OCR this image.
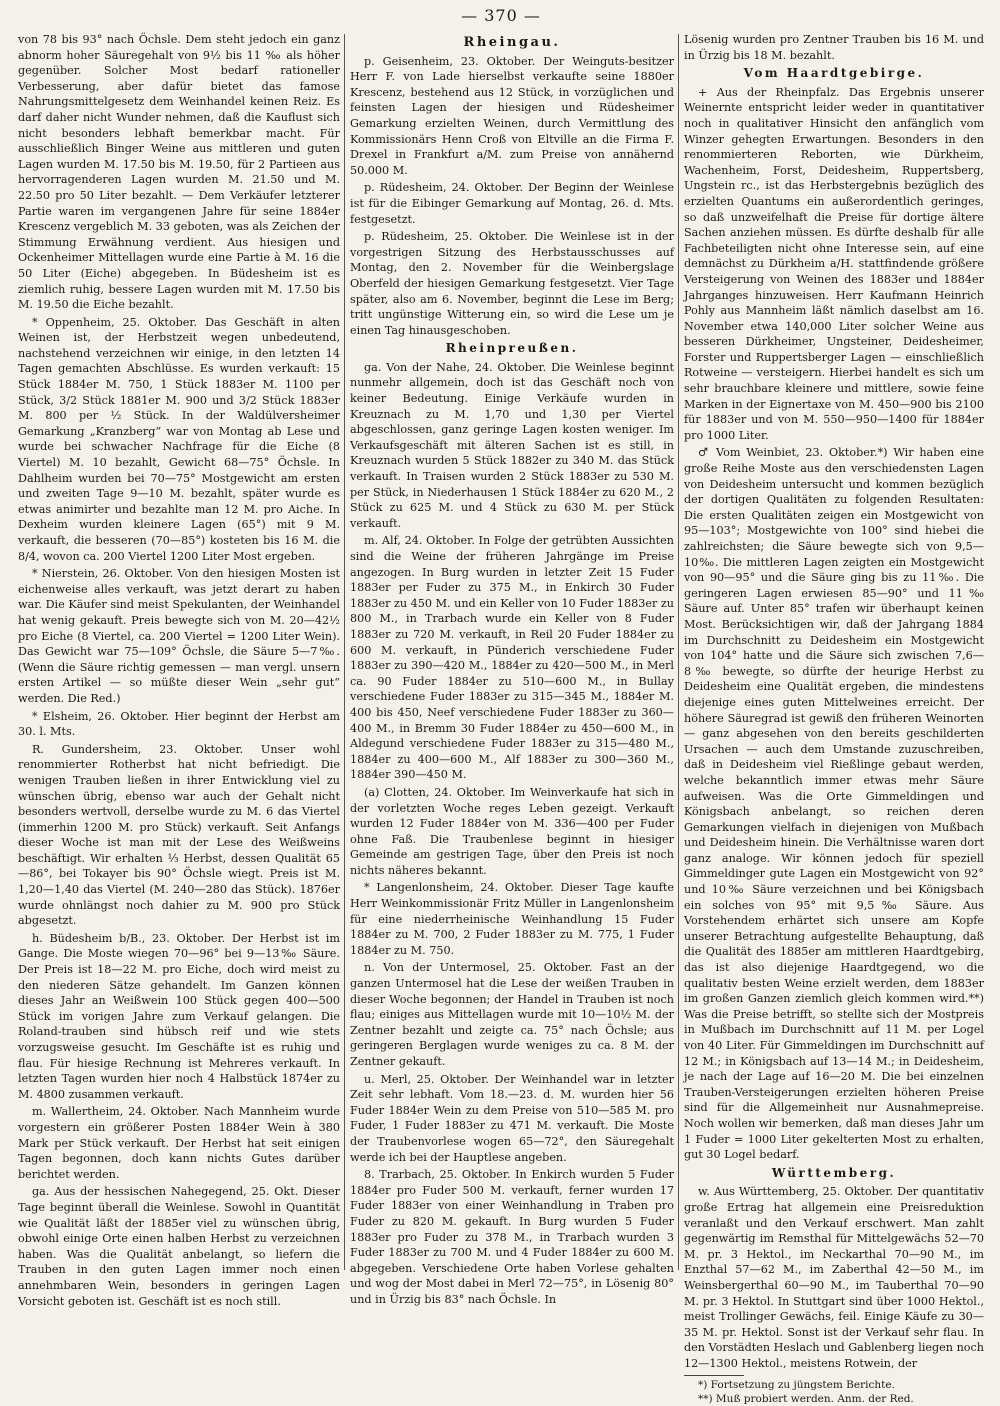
— 370 —

von 78 bis 93° nach Öchsle. Dem steht jedoch ein ganz abnorm hoher Säuregehalt von 9½ bis 11 ‰ als höher gegenüber. Solcher Most bedarf rationeller Verbesserung, aber dafür bietet das famose Nahrungsmittelgesetz dem Weinhandel keinen Reiz. Es darf daher nicht Wunder nehmen, daß die Kauflust sich nicht besonders lebhaft bemerkbar macht. Für ausschließlich Binger Weine aus mittleren und guten Lagen wurden M. 17.50 bis M. 19.50, für 2 Partieen aus hervorragenderen Lagen wurden M. 21.50 und M. 22.50 pro 50 Liter bezahlt. — Dem Verkäufer letzterer Partie waren im vergangenen Jahre für seine 1884er Krescenz vergeblich M. 33 geboten, was als Zeichen der Stimmung Erwähnung verdient. Aus hiesigen und Ockenheimer Mittellagen wurde eine Partie à M. 16 die 50 Liter (Eiche) abgegeben. In Büdesheim ist es ziemlich ruhig, bessere Lagen wurden mit M. 17.50 bis M. 19.50 die Eiche bezahlt.

* Oppenheim, 25. Oktober. Das Geschäft in alten Weinen ist, der Herbstzeit wegen unbedeutend, nachstehend verzeichnen wir einige, in den letzten 14 Tagen gemachten Abschlüsse. Es wurden verkauft: 15 Stück 1884er M. 750, 1 Stück 1883er M. 1100 per Stück, 3/2 Stück 1881er M. 900 und 3/2 Stück 1883er M. 800 per ½ Stück. In der Waldülversheimer Gemarkung „Kranzberg“ war von Montag ab Lese und wurde bei schwacher Nachfrage für die Eiche (8 Viertel) M. 10 bezahlt, Gewicht 68—75° Öchsle. In Dahlheim wurden bei 70—75° Mostgewicht am ersten und zweiten Tage 9—10 M. bezahlt, später wurde es etwas animirter und bezahlte man 12 M. pro Aiche. In Dexheim wurden kleinere Lagen (65°) mit 9 M. verkauft, die besseren (70—85°) kosteten bis 16 M. die 8/4, wovon ca. 200 Viertel 1200 Liter Most ergeben.

* Nierstein, 26. Oktober. Von den hiesigen Mosten ist eichenweise alles verkauft, was jetzt derart zu haben war. Die Käufer sind meist Spekulanten, der Weinhandel hat wenig gekauft. Preis bewegte sich von M. 20—42½ pro Eiche (8 Viertel, ca. 200 Viertel = 1200 Liter Wein). Das Gewicht war 75—109° Öchsle, die Säure 5—7‰. (Wenn die Säure richtig gemessen — man vergl. unsern ersten Artikel — so müßte dieser Wein „sehr gut“ werden. Die Red.)

* Elsheim, 26. Oktober. Hier beginnt der Herbst am 30. l. Mts.

R. Gundersheim, 23. Oktober. Unser wohl renommierter Rotherbst hat nicht befriedigt. Die wenigen Trauben ließen in ihrer Entwicklung viel zu wünschen übrig, ebenso war auch der Gehalt nicht besonders wertvoll, derselbe wurde zu M. 6 das Viertel (immerhin 1200 M. pro Stück) verkauft. Seit Anfangs dieser Woche ist man mit der Lese des Weißweins beschäftigt. Wir erhalten ⅓ Herbst, dessen Qualität 65—86°, bei Tokayer bis 90° Öchsle wiegt. Preis ist M. 1,20—1,40 das Viertel (M. 240—280 das Stück). 1876er wurde ohnlängst noch dahier zu M. 900 pro Stück abgesetzt.

h. Büdesheim b/B., 23. Oktober. Der Herbst ist im Gange. Die Moste wiegen 70—96° bei 9—13‰ Säure. Der Preis ist 18—22 M. pro Eiche, doch wird meist zu den niederen Sätze gehandelt. Im Ganzen können dieses Jahr an Weißwein 100 Stück gegen 400—500 Stück im vorigen Jahre zum Verkauf gelangen. Die Roland-trauben sind hübsch reif und wie stets vorzugsweise gesucht. Im Geschäfte ist es ruhig und flau. Für hiesige Rechnung ist Mehreres verkauft. In letzten Tagen wurden hier noch 4 Halbstück 1874er zu M. 4800 zusammen verkauft.

m. Wallertheim, 24. Oktober. Nach Mannheim wurde vorgestern ein größerer Posten 1884er Wein à 380 Mark per Stück verkauft. Der Herbst hat seit einigen Tagen begonnen, doch kann nichts Gutes darüber berichtet werden.

ga. Aus der hessischen Nahegegend, 25. Okt. Dieser Tage beginnt überall die Weinlese. Sowohl in Quantität wie Qualität läßt der 1885er viel zu wünschen übrig, obwohl einige Orte einen halben Herbst zu verzeichnen haben. Was die Qualität anbelangt, so liefern die Trauben in den guten Lagen immer noch einen annehmbaren Wein, besonders in geringen Lagen Vorsicht geboten ist. Geschäft ist es noch still.

Rheingau.

p. Geisenheim, 23. Oktober. Der Weinguts-besitzer Herr F. von Lade hierselbst verkaufte seine 1880er Krescenz, bestehend aus 12 Stück, in vorzüglichen und feinsten Lagen der hiesigen und Rüdesheimer Gemarkung erzielten Weinen, durch Vermittlung des Kommissionärs Henn Croß von Eltville an die Firma F. Drexel in Frankfurt a/M. zum Preise von annähernd 50.000 M.

p. Rüdesheim, 24. Oktober. Der Beginn der Weinlese ist für die Eibinger Gemarkung auf Montag, 26. d. Mts. festgesetzt.

p. Rüdesheim, 25. Oktober. Die Weinlese ist in der vorgestrigen Sitzung des Herbstausschusses auf Montag, den 2. November für die Weinbergslage Oberfeld der hiesigen Gemarkung festgesetzt. Vier Tage später, also am 6. November, beginnt die Lese im Berg; tritt ungünstige Witterung ein, so wird die Lese um je einen Tag hinausgeschoben.

Rheinpreußen.

ga. Von der Nahe, 24. Oktober. Die Weinlese beginnt nunmehr allgemein, doch ist das Geschäft noch von keiner Bedeutung. Einige Verkäufe wurden in Kreuznach zu M. 1,70 und 1,30 per Viertel abgeschlossen, ganz geringe Lagen kosten weniger. Im Verkaufsgeschäft mit älteren Sachen ist es still, in Kreuznach wurden 5 Stück 1882er zu 340 M. das Stück verkauft. In Traisen wurden 2 Stück 1883er zu 530 M. per Stück, in Niederhausen 1 Stück 1884er zu 620 M., 2 Stück zu 625 M. und 4 Stück zu 630 M. per Stück verkauft.

m. Alf, 24. Oktober. In Folge der getrübten Aussichten sind die Weine der früheren Jahrgänge im Preise angezogen. In Burg wurden in letzter Zeit 15 Fuder 1883er per Fuder zu 375 M., in Enkirch 30 Fuder 1883er zu 450 M. und ein Keller von 10 Fuder 1883er zu 800 M., in Trarbach wurde ein Keller von 8 Fuder 1883er zu 720 M. verkauft, in Reil 20 Fuder 1884er zu 600 M. verkauft, in Pünderich verschiedene Fuder 1883er zu 390—420 M., 1884er zu 420—500 M., in Merl ca. 90 Fuder 1884er zu 510—600 M., in Bullay verschiedene Fuder 1883er zu 315—345 M., 1884er M. 400 bis 450, Neef verschiedene Fuder 1883er zu 360—400 M., in Bremm 30 Fuder 1884er zu 450—600 M., in Aldegund verschiedene Fuder 1883er zu 315—480 M., 1884er zu 400—600 M., Alf 1883er zu 300—360 M., 1884er 390—450 M.

(a) Clotten, 24. Oktober. Im Weinverkaufe hat sich in der vorletzten Woche reges Leben gezeigt. Verkauft wurden 12 Fuder 1884er von M. 336—400 per Fuder ohne Faß. Die Traubenlese beginnt in hiesiger Gemeinde am gestrigen Tage, über den Preis ist noch nichts näheres bekannt.

* Langenlonsheim, 24. Oktober. Dieser Tage kaufte Herr Weinkommissionär Fritz Müller in Langenlonsheim für eine niederrheinische Weinhandlung 15 Fuder 1884er zu M. 700, 2 Fuder 1883er zu M. 775, 1 Fuder 1884er zu M. 750.

n. Von der Untermosel, 25. Oktober. Fast an der ganzen Untermosel hat die Lese der weißen Trauben in dieser Woche begonnen; der Handel in Trauben ist noch flau; einiges aus Mittellagen wurde mit 10—10½ M. der Zentner bezahlt und zeigte ca. 75° nach Öchsle; aus geringeren Berglagen wurde weniges zu ca. 8 M. der Zentner gekauft.

u. Merl, 25. Oktober. Der Weinhandel war in letzter Zeit sehr lebhaft. Vom 18.—23. d. M. wurden hier 56 Fuder 1884er Wein zu dem Preise von 510—585 M. pro Fuder, 1 Fuder 1883er zu 471 M. verkauft. Die Moste der Traubenvorlese wogen 65—72°, den Säuregehalt werde ich bei der Hauptlese angeben.

8. Trarbach, 25. Oktober. In Enkirch wurden 5 Fuder 1884er pro Fuder 500 M. verkauft, ferner wurden 17 Fuder 1883er von einer Weinhandlung in Traben pro Fuder zu 820 M. gekauft. In Burg wurden 5 Fuder 1883er pro Fuder zu 378 M., in Trarbach wurden 3 Fuder 1883er zu 700 M. und 4 Fuder 1884er zu 600 M. abgegeben. Verschiedene Orte haben Vorlese gehalten und wog der Most dabei in Merl 72—75°, in Lösenig 80° und in Ürzig bis 83° nach Öchsle. In

Lösenig wurden pro Zentner Trauben bis 16 M. und in Ürzig bis 18 M. bezahlt.

Vom Haardtgebirge.

+ Aus der Rheinpfalz. Das Ergebnis unserer Weinernte entspricht leider weder in quantitativer noch in qualitativer Hinsicht den anfänglich vom Winzer gehegten Erwartungen. Besonders in den renommierteren Reborten, wie Dürkheim, Wachenheim, Forst, Deidesheim, Ruppertsberg, Ungstein rc., ist das Herbstergebnis bezüglich des erzielten Quantums ein außerordentlich geringes, so daß unzweifelhaft die Preise für dortige ältere Sachen anziehen müssen. Es dürfte deshalb für alle Fachbeteiligten nicht ohne Interesse sein, auf eine demnächst zu Dürkheim a/H. stattfindende größere Versteigerung von Weinen des 1883er und 1884er Jahrganges hinzuweisen. Herr Kaufmann Heinrich Pohly aus Mannheim läßt nämlich daselbst am 16. November etwa 140,000 Liter solcher Weine aus besseren Dürkheimer, Ungsteiner, Deidesheimer, Forster und Ruppertsberger Lagen — einschließlich Rotweine — versteigern. Hierbei handelt es sich um sehr brauchbare kleinere und mittlere, sowie feine Marken in der Eignertaxe von M. 450—900 bis 2100 für 1883er und von M. 550—950—1400 für 1884er pro 1000 Liter.

♂ Vom Weinbiet, 23. Oktober.*) Wir haben eine große Reihe Moste aus den verschiedensten Lagen von Deidesheim untersucht und kommen bezüglich der dortigen Qualitäten zu folgenden Resultaten: Die ersten Qualitäten zeigen ein Mostgewicht von 95—103°; Mostgewichte von 100° sind hiebei die zahlreichsten; die Säure bewegte sich von 9,5—10‰. Die mittleren Lagen zeigten ein Mostgewicht von 90—95° und die Säure ging bis zu 11‰. Die geringeren Lagen erwiesen 85—90° und 11‰ Säure auf. Unter 85° trafen wir überhaupt keinen Most. Berücksichtigen wir, daß der Jahrgang 1884 im Durchschnitt zu Deidesheim ein Mostgewicht von 104° hatte und die Säure sich zwischen 7,6—8‰ bewegte, so dürfte der heurige Herbst zu Deidesheim eine Qualität ergeben, die mindestens diejenige eines guten Mittelweines erreicht. Der höhere Säuregrad ist gewiß den früheren Weinorten — ganz abgesehen von den bereits geschilderten Ursachen — auch dem Umstande zuzuschreiben, daß in Deidesheim viel Rießlinge gebaut werden, welche bekanntlich immer etwas mehr Säure aufweisen. Was die Orte Gimmeldingen und Königsbach anbelangt, so reichen deren Gemarkungen vielfach in diejenigen von Mußbach und Deidesheim hinein. Die Verhältnisse waren dort ganz analoge. Wir können jedoch für speziell Gimmeldinger gute Lagen ein Mostgewicht von 92° und 10‰ Säure verzeichnen und bei Königsbach ein solches von 95° mit 9,5‰ Säure. Aus Vorstehendem erhärtet sich unsere am Kopfe unserer Betrachtung aufgestellte Behauptung, daß die Qualität des 1885er am mittleren Haardtgebirg, das ist also diejenige Haardtgegend, wo die qualitativ besten Weine erzielt werden, dem 1883er im großen Ganzen ziemlich gleich kommen wird.**) Was die Preise betrifft, so stellte sich der Mostpreis in Mußbach im Durchschnitt auf 11 M. per Logel von 40 Liter. Für Gimmeldingen im Durchschnitt auf 12 M.; in Königsbach auf 13—14 M.; in Deidesheim, je nach der Lage auf 16—20 M. Die bei einzelnen Trauben-Versteigerungen erzielten höheren Preise sind für die Allgemeinheit nur Ausnahmepreise. Noch wollen wir bemerken, daß man dieses Jahr um 1 Fuder = 1000 Liter gekelterten Most zu erhalten, gut 30 Logel bedarf.

Württemberg.

w. Aus Württemberg, 25. Oktober. Der quantitativ große Ertrag hat allgemein eine Preisreduktion veranlaßt und den Verkauf erschwert. Man zahlt gegenwärtig im Remsthal für Mittelgewächs 52—70 M. pr. 3 Hektol., im Neckarthal 70—90 M., im Enzthal 57—62 M., im Zaberthal 42—50 M., im Weinsbergerthal 60—90 M., im Tauberthal 70—90 M. pr. 3 Hektol. In Stuttgart sind über 1000 Hektol., meist Trollinger Gewächs, feil. Einige Käufe zu 30—35 M. pr. Hektol. Sonst ist der Verkauf sehr flau. In den Vorstädten Heslach und Gablenberg liegen noch 12—1300 Hektol., meistens Rotwein, der

*) Fortsetzung zu jüngstem Berichte.

**) Muß probiert werden. Anm. der Red.
